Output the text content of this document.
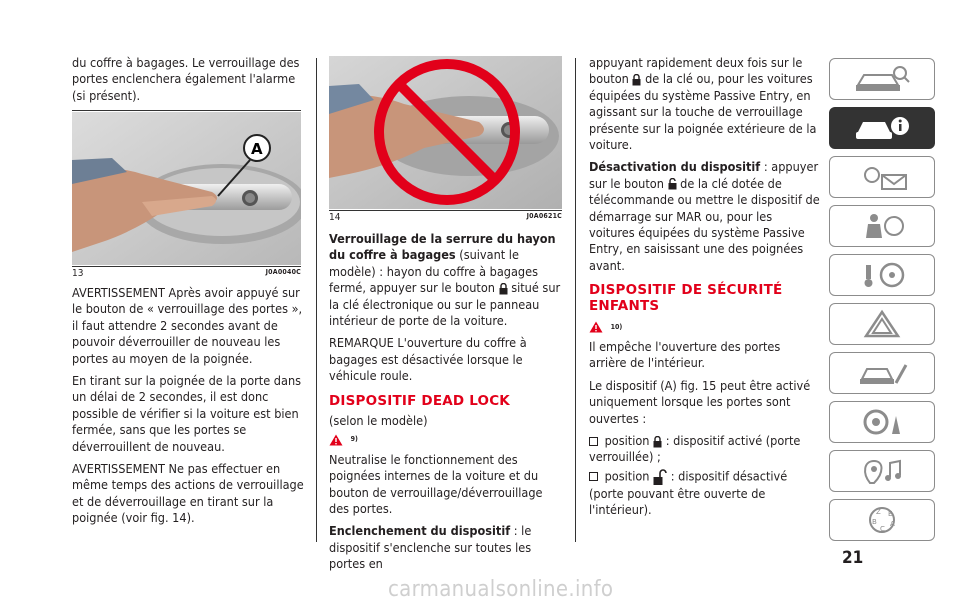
du coffre à bagages. Le verrouillage des portes enclenchera également l'alarme (si présent).

A
13	J0A0040C

AVERTISSEMENT Après avoir appuyé sur le bouton de « verrouillage des portes », il faut attendre 2 secondes avant de pouvoir déverrouiller de nouveau les portes au moyen de la poignée.

En tirant sur la poignée de la porte dans un délai de 2 secondes, il est donc possible de vérifier si la voiture est bien fermée, sans que les portes se déverrouillent de nouveau.

AVERTISSEMENT Ne pas effectuer en même temps des actions de verrouillage et de déverrouillage en tirant sur la poignée (voir fig. 14).

14	J0A0621C

Verrouillage de la serrure du hayon du coffre à bagages (suivant le modèle) : hayon du coffre à bagages fermé, appuyer sur le bouton situé sur la clé électronique ou sur le panneau intérieur de porte de la voiture.

REMARQUE L'ouverture du coffre à bagages est désactivée lorsque le véhicule roule.

DISPOSITIF DEAD LOCK

(selon le modèle)

9)

Neutralise le fonctionnement des poignées internes de la voiture et du bouton de verrouillage/déverrouillage des portes.

Enclenchement du dispositif : le dispositif s'enclenche sur toutes les portes en

appuyant rapidement deux fois sur le bouton de la clé ou, pour les voitures équipées du système Passive Entry, en agissant sur la touche de verrouillage présente sur la poignée extérieure de la voiture.

Désactivation du dispositif : appuyer sur le bouton de la clé dotée de télécommande ou mettre le dispositif de démarrage sur MAR ou, pour les voitures équipées du système Passive Entry, en saisissant une des poignées avant.

DISPOSITIF DE SÉCURITÉ ENFANTS
10)

Il empêche l'ouverture des portes arrière de l'intérieur.

Le dispositif (A) fig. 15 peut être activé uniquement lorsque les portes sont ouvertes :

position : dispositif activé (porte verrouillée) ;

position : dispositif désactivé (porte pouvant être ouverte de l'intérieur).	Z E
B A
C
21
carmanualsonline.info
